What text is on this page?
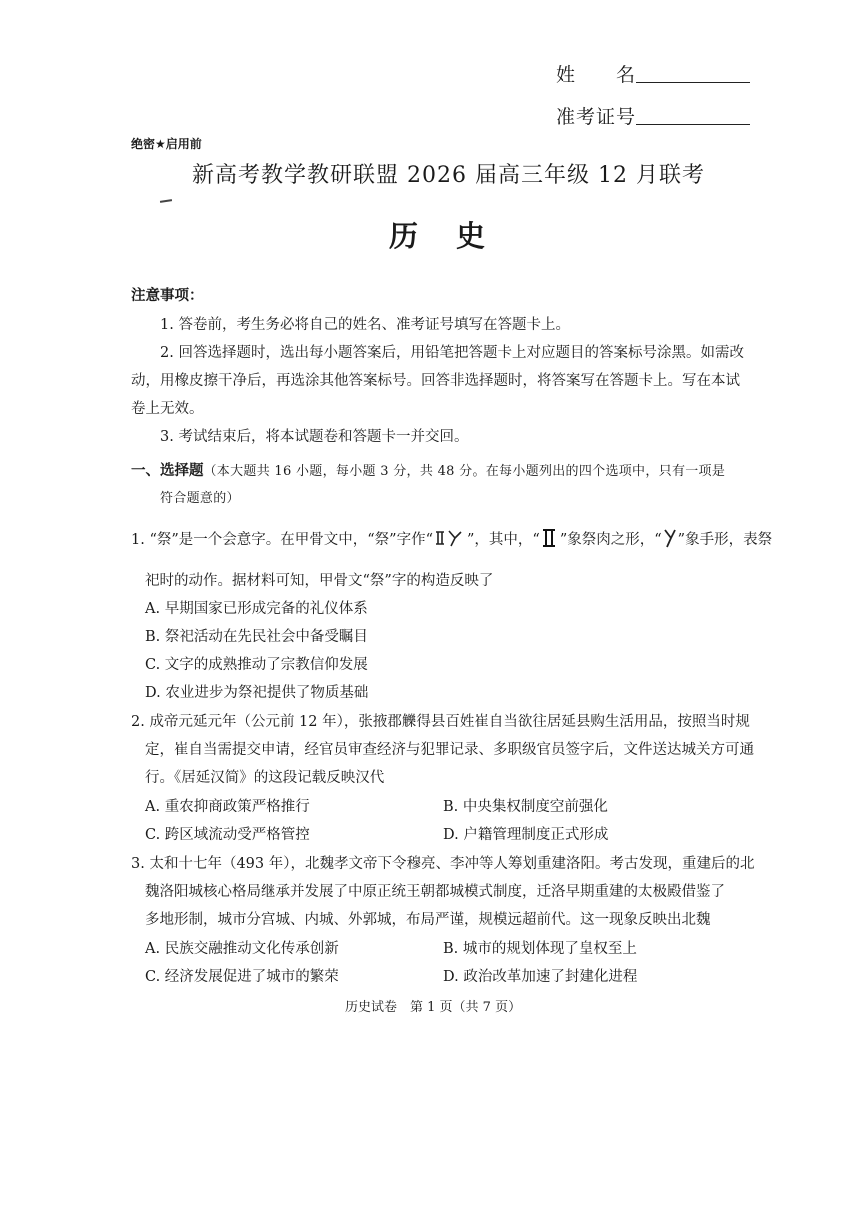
姓　　名
准考证号
绝密★启用前
新高考教学教研联盟 2026 届高三年级 12 月联考
历史
注意事项：
1. 答卷前，考生务必将自己的姓名、准考证号填写在答题卡上。
2. 回答选择题时，选出每小题答案后，用铅笔把答题卡上对应题目的答案标号涂黑。如需改
动，用橡皮擦干净后，再选涂其他答案标号。回答非选择题时，将答案写在答题卡上。写在本试
卷上无效。
3. 考试结束后，将本试题卷和答题卡一并交回。
一、选择题（本大题共 16 小题，每小题 3 分，共 48 分。在每小题列出的四个选项中，只有一项是
符合题意的）
1. “祭”是一个会意字。在甲骨文中，“祭”字作“ ”，其中，“ ”象祭肉之形，“ ”象手形，表祭
祀时的动作。据材料可知，甲骨文“祭”字的构造反映了
A. 早期国家已形成完备的礼仪体系
B. 祭祀活动在先民社会中备受瞩目
C. 文字的成熟推动了宗教信仰发展
D. 农业进步为祭祀提供了物质基础
2. 成帝元延元年（公元前 12 年），张掖郡觻得县百姓崔自当欲往居延县购生活用品，按照当时规
定，崔自当需提交申请，经官员审查经济与犯罪记录、多职级官员签字后，文件送达城关方可通
行。《居延汉简》的这段记载反映汉代
A. 重农抑商政策严格推行	B. 中央集权制度空前强化
C. 跨区域流动受严格管控	D. 户籍管理制度正式形成
3. 太和十七年（493 年），北魏孝文帝下令穆亮、李冲等人筹划重建洛阳。考古发现，重建后的北
魏洛阳城核心格局继承并发展了中原正统王朝都城模式制度，迁洛早期重建的太极殿借鉴了
多地形制，城市分宫城、内城、外郭城，布局严谨，规模远超前代。这一现象反映出北魏
A. 民族交融推动文化传承创新	B. 城市的规划体现了皇权至上
C. 经济发展促进了城市的繁荣	D. 政治改革加速了封建化进程
历史试卷　第 1 页（共 7 页）
